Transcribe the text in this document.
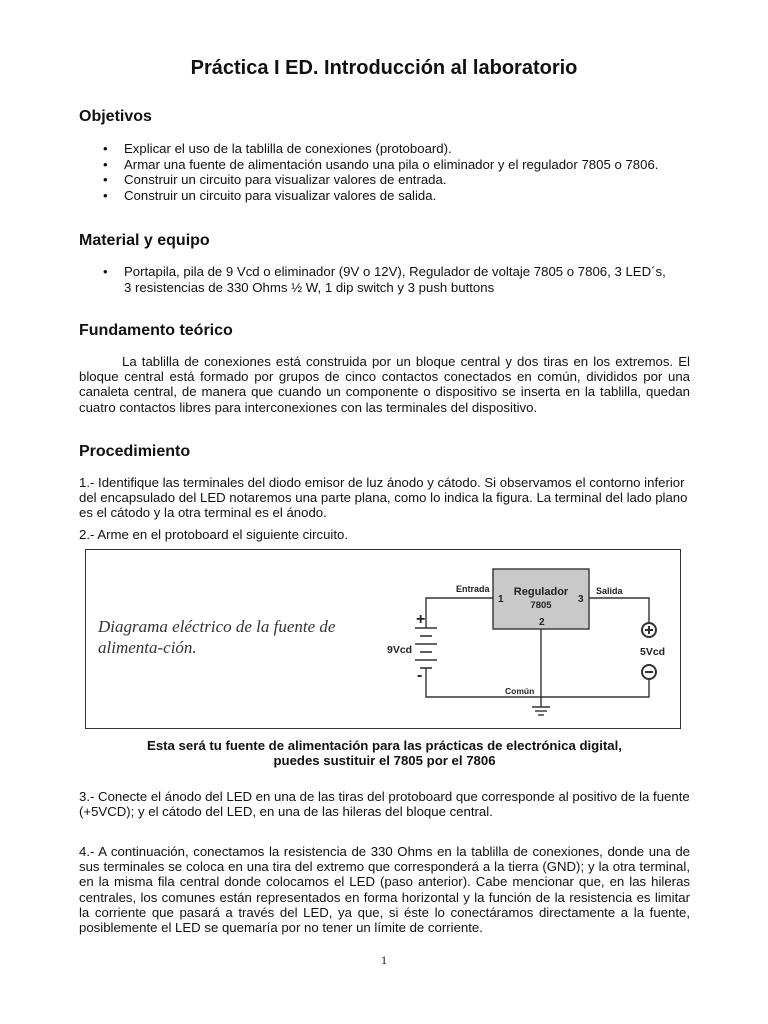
Práctica I ED. Introducción al laboratorio
Objetivos
• Explicar el uso de la tablilla de conexiones (protoboard).
• Armar una fuente de alimentación usando una pila o eliminador y el regulador 7805 o 7806.
• Construir un circuito para visualizar valores de entrada.
• Construir un circuito para visualizar valores de salida.
Material y equipo
• Portapila, pila de 9 Vcd o eliminador (9V o 12V), Regulador de voltaje 7805 o 7806, 3 LED´s, 3 resistencias de 330 Ohms ½ W, 1 dip switch y 3 push buttons
Fundamento teórico

La tablilla de conexiones está construida por un bloque central y dos tiras en los extremos. El bloque central está formado por grupos de cinco contactos conectados en común, divididos por una canaleta central, de manera que cuando un componente o dispositivo se inserta en la tablilla, quedan cuatro contactos libres para interconexiones con las terminales del dispositivo.

Procedimiento

1.- Identifique las terminales del diodo emisor de luz ánodo y cátodo. Si observamos el contorno inferior del encapsulado del LED notaremos una parte plana, como lo indica la figura. La terminal del lado plano es el cátodo y la otra terminal es el ánodo.

2.- Arme en el protoboard el siguiente circuito.

Diagrama eléctrico de la fuente de alimenta-ción.
Regulador
7805
Entrada	Salida
1	3
2
+
-
9Vcd	5Vcd
Común
Esta será tu fuente de alimentación para las prácticas de electrónica digital,
puedes sustituir el 7805 por el 7806

3.- Conecte el ánodo del LED en una de las tiras del protoboard que corresponde al positivo de la fuente (+5VCD); y el cátodo del LED, en una de las hileras del bloque central.

4.- A continuación, conectamos la resistencia de 330 Ohms en la tablilla de conexiones, donde una de sus terminales se coloca en una tira del extremo que corresponderá a la tierra (GND); y la otra terminal, en la misma fila central donde colocamos el LED (paso anterior). Cabe mencionar que, en las hileras centrales, los comunes están representados en forma horizontal y la función de la resistencia es limitar la corriente que pasará a través del LED, ya que, si éste lo conectáramos directamente a la fuente, posiblemente el LED se quemaría por no tener un límite de corriente.

1
